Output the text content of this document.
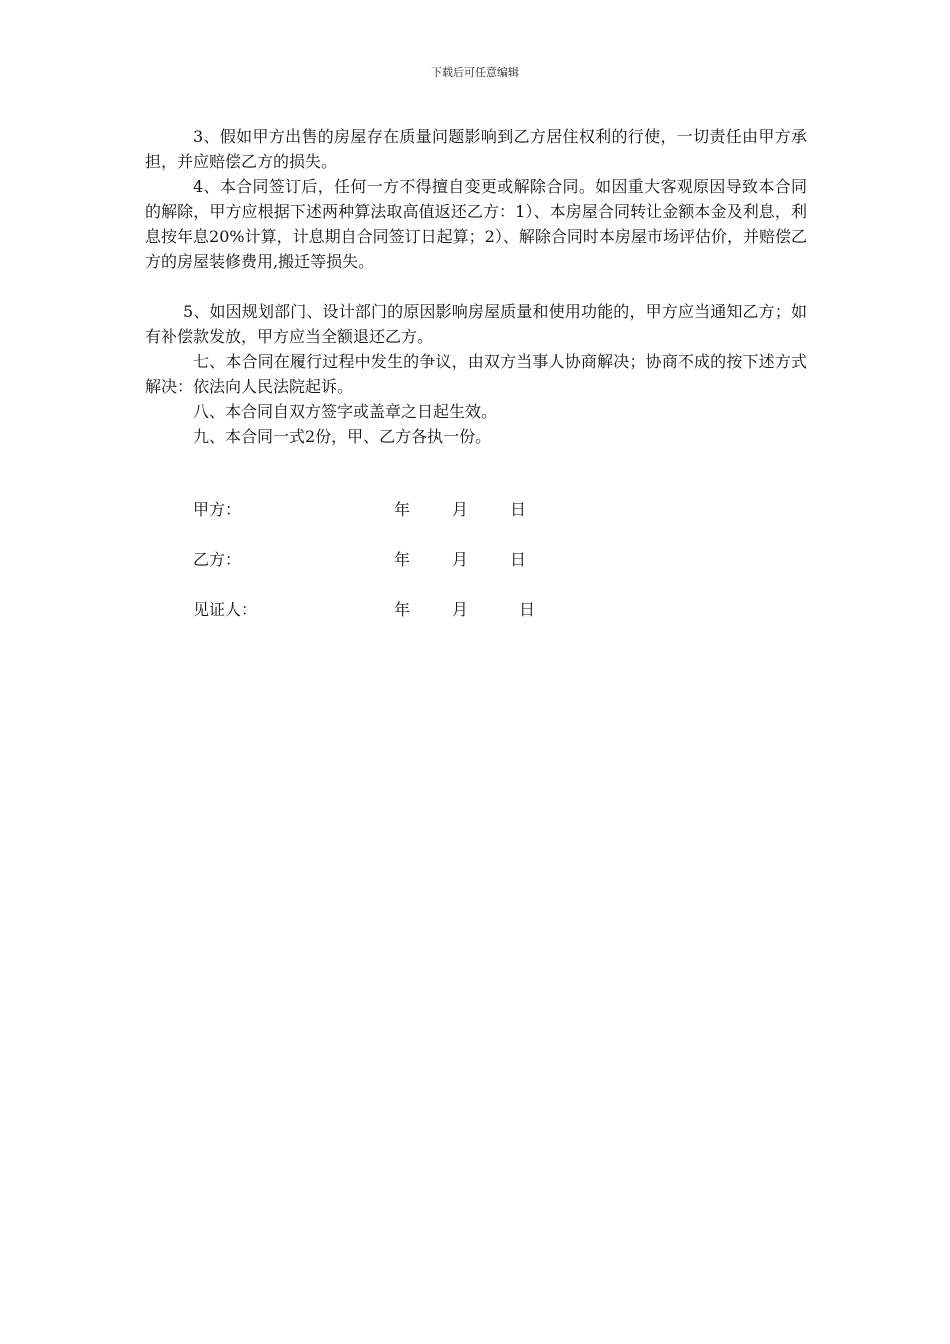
下载后可任意编辑

3、假如甲方出售的房屋存在质量问题影响到乙方居住权利的行使，一切责任由甲方承担，并应赔偿乙方的损失。

4、本合同签订后，任何一方不得擅自变更或解除合同。如因重大客观原因导致本合同的解除，甲方应根据下述两种算法取高值返还乙方：1）、本房屋合同转让金额本金及利息，利息按年息20%计算，计息期自合同签订日起算；2）、解除合同时本房屋市场评估价，并赔偿乙方的房屋装修费用,搬迁等损失。

5、如因规划部门、设计部门的原因影响房屋质量和使用功能的，甲方应当通知乙方；如有补偿款发放，甲方应当全额退还乙方。

七、本合同在履行过程中发生的争议，由双方当事人协商解决；协商不成的按下述方式解决：依法向人民法院起诉。

八、本合同自双方签字或盖章之日起生效。

九、本合同一式2份，甲、乙方各执一份。

甲方：	年	月	日
乙方：	年	月	日
见证人：	年	月	日
